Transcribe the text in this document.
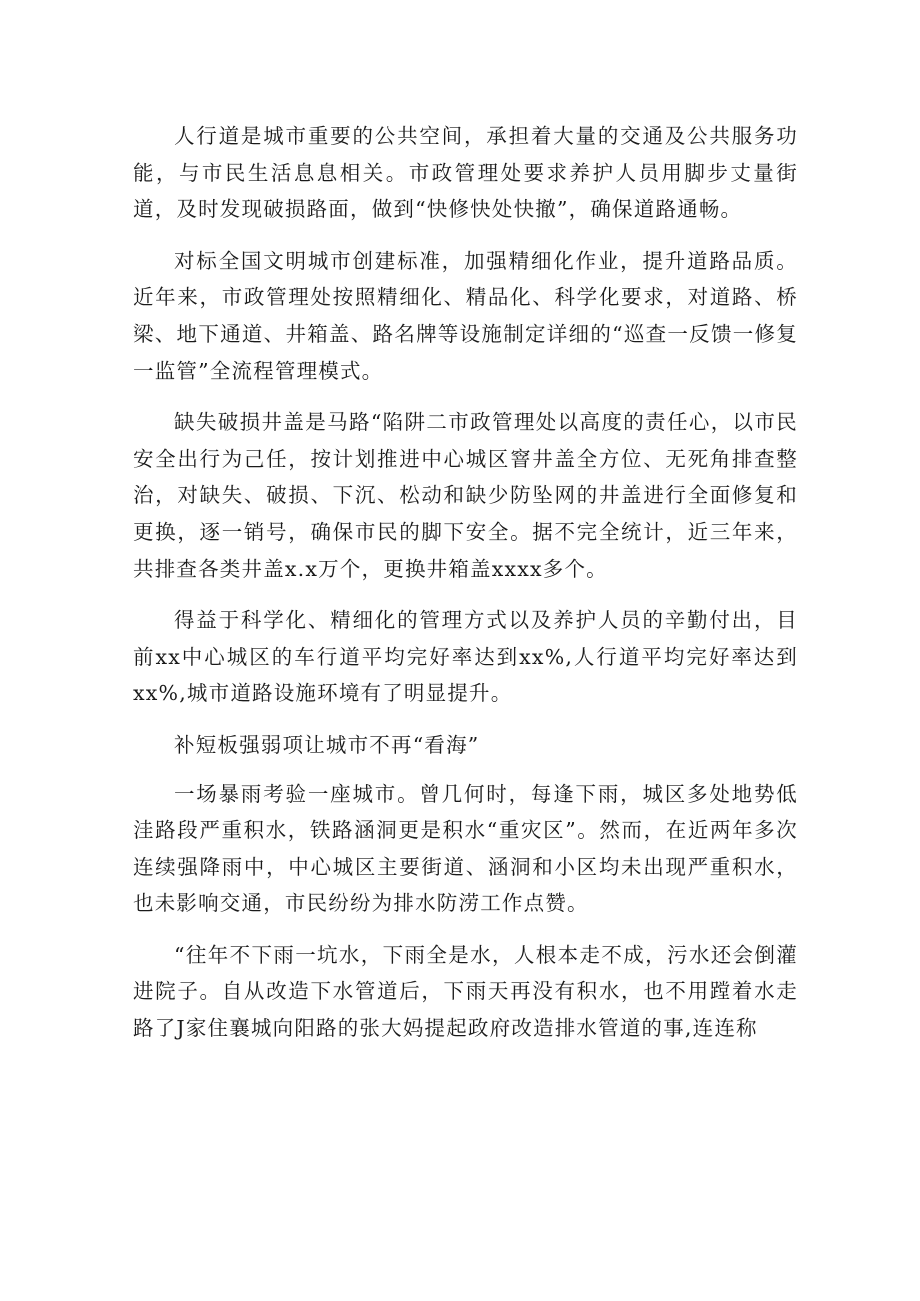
人行道是城市重要的公共空间，承担着大量的交通及公共服务功能，与市民生活息息相关。市政管理处要求养护人员用脚步丈量街道，及时发现破损路面，做到“快修快处快撤”，确保道路通畅。

对标全国文明城市创建标准，加强精细化作业，提升道路品质。近年来，市政管理处按照精细化、精品化、科学化要求，对道路、桥梁、地下通道、井箱盖、路名牌等设施制定详细的“巡查一反馈一修复一监管”全流程管理模式。

缺失破损井盖是马路“陷阱二市政管理处以高度的责任心，以市民安全出行为己任，按计划推进中心城区窨井盖全方位、无死角排查整治，对缺失、破损、下沉、松动和缺少防坠网的井盖进行全面修复和更换，逐一销号，确保市民的脚下安全。据不完全统计，近三年来，共排查各类井盖x.x万个，更换井箱盖xxxx多个。

得益于科学化、精细化的管理方式以及养护人员的辛勤付出，目前xx中心城区的车行道平均完好率达到xx%,人行道平均完好率达到xx%,城市道路设施环境有了明显提升。

补短板强弱项让城市不再“看海”

一场暴雨考验一座城市。曾几何时，每逢下雨，城区多处地势低洼路段严重积水，铁路涵洞更是积水“重灾区”。然而，在近两年多次连续强降雨中，中心城区主要街道、涵洞和小区均未出现严重积水，也未影响交通，市民纷纷为排水防涝工作点赞。

“往年不下雨一坑水，下雨全是水，人根本走不成，污水还会倒灌进院子。自从改造下水管道后，下雨天再没有积水，也不用蹚着水走路了J家住襄城向阳路的张大妈提起政府改造排水管道的事,连连称
